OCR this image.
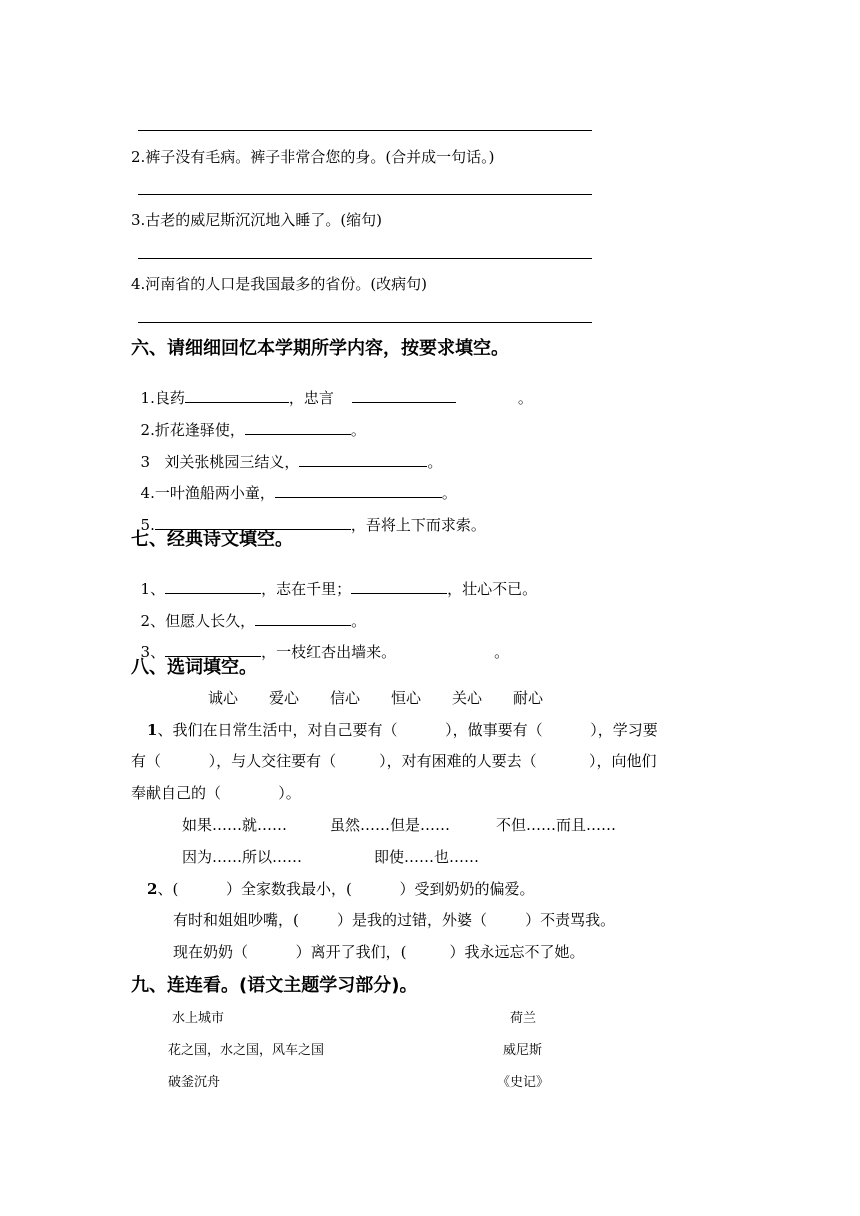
2.裤子没有毛病。裤子非常合您的身。(合并成一句话。)
3.古老的威尼斯沉沉地入睡了。(缩句)
4.河南省的人口是我国最多的省份。(改病句)
六、请细细回忆本学期所学内容，按要求填空。

1.良药	，忠言	。

2.折花逢驿使，	。

3   刘关张桃园三结义，	。

4.一叶渔船两小童，	。

5.	，吾将上下而求索。

七、经典诗文填空。

1、	，志在千里；	，壮心不已。

2、但愿人长久，	。

3、	，一枝红杏出墙来。	。

八、选词填空。
诚心 爱心 信心 恒心 关心 耐心
1、我们在日常生活中，对自己要有（          ），做事要有（          ），学习要
有（          ），与人交往要有（         ），对有困难的人要去（           ），向他们
奉献自己的（            ）。
如果……就……	虽然……但是……	不但……而且……
因为……所以……	即使……也……
2、(          ）全家数我最小，(          ）受到奶奶的偏爱。
有时和姐姐吵嘴，(        ）是我的过错，外婆（        ）不责骂我。
现在奶奶（          ）离开了我们，(         ）我永远忘不了她。
九、连连看。(语文主题学习部分)。
水上城市
花之国，水之国，风车之国
破釜沉舟
荷兰
威尼斯
《史记》
